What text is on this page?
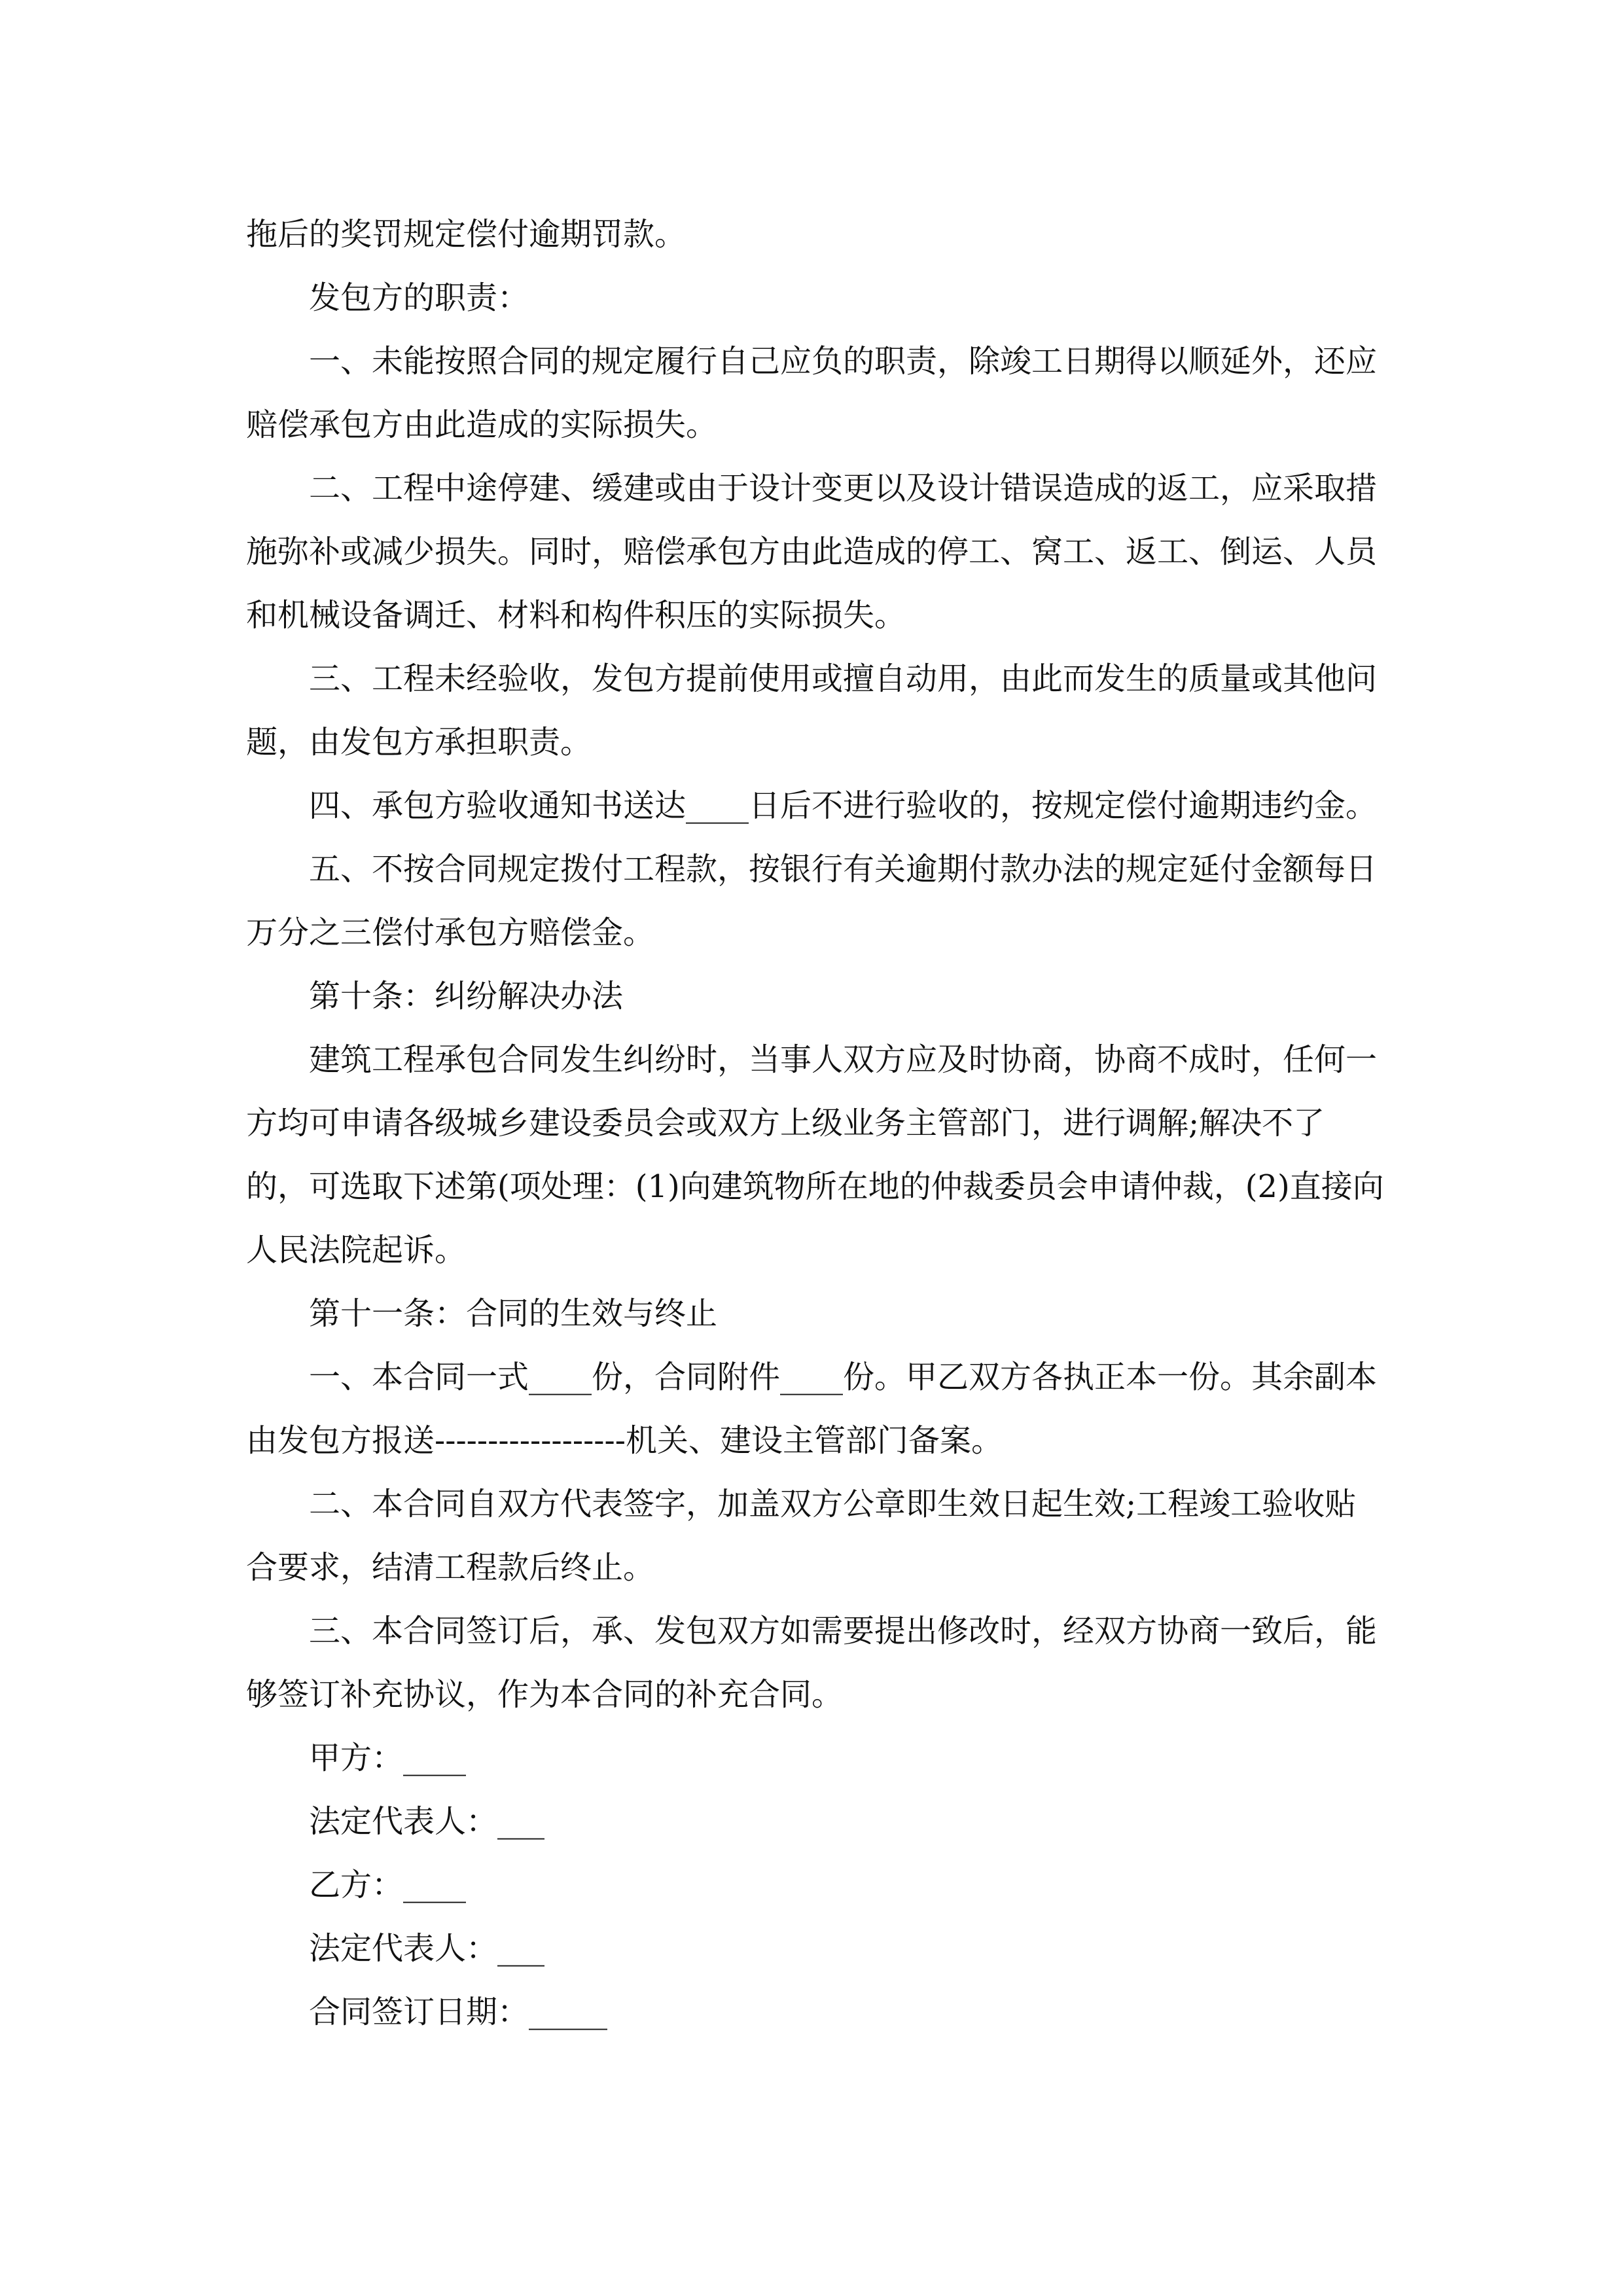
拖后的奖罚规定偿付逾期罚款。

发包方的职责：

一、未能按照合同的规定履行自己应负的职责，除竣工日期得以顺延外，还应赔偿承包方由此造成的实际损失。

二、工程中途停建、缓建或由于设计变更以及设计错误造成的返工，应采取措施弥补或减少损失。同时，赔偿承包方由此造成的停工、窝工、返工、倒运、人员和机械设备调迁、材料和构件积压的实际损失。

三、工程未经验收，发包方提前使用或擅自动用，由此而发生的质量或其他问题，由发包方承担职责。

四、承包方验收通知书送达____日后不进行验收的，按规定偿付逾期违约金。

五、不按合同规定拨付工程款，按银行有关逾期付款办法的规定延付金额每日万分之三偿付承包方赔偿金。

第十条：纠纷解决办法

建筑工程承包合同发生纠纷时，当事人双方应及时协商，协商不成时，任何一方均可申请各级城乡建设委员会或双方上级业务主管部门，进行调解;解决不了的，可选取下述第(项处理：(1)向建筑物所在地的仲裁委员会申请仲裁，(2)直接向人民法院起诉。

第十一条：合同的生效与终止

一、本合同一式____份，合同附件____份。甲乙双方各执正本一份。其余副本由发包方报送------------------机关、建设主管部门备案。

二、本合同自双方代表签字，加盖双方公章即生效日起生效;工程竣工验收贴合要求，结清工程款后终止。

三、本合同签订后，承、发包双方如需要提出修改时，经双方协商一致后，能够签订补充协议，作为本合同的补充合同。

甲方：____

法定代表人：___

乙方：____

法定代表人：___

合同签订日期：_____
